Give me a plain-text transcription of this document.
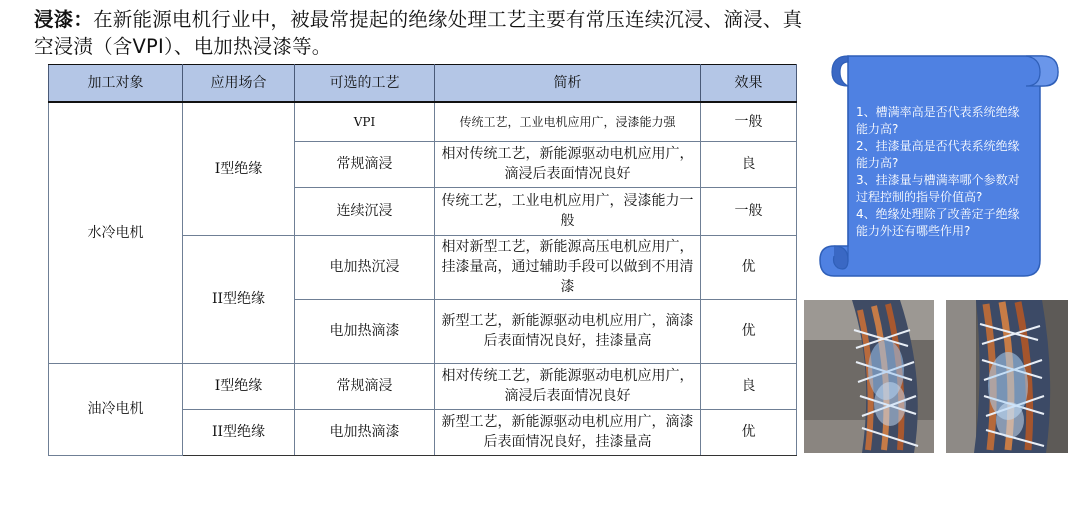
浸漆：在新能源电机行业中，被最常提起的绝缘处理工艺主要有常压连续沉浸、滴浸、真空浸渍（含VPI）、电加热浸漆等。
加工对象	应用场合	可选的工艺	简析	效果
水冷电机	I型绝缘	VPI	传统工艺，工业电机应用广，浸漆能力强	一般
		常规滴浸	相对传统工艺，新能源驱动电机应用广，滴浸后表面情况良好	良
		连续沉浸	传统工艺，工业电机应用广，浸漆能力一般	一般
	II型绝缘	电加热沉浸	相对新型工艺，新能源高压电机应用广，挂漆量高，通过辅助手段可以做到不用清漆	优
		电加热滴漆	新型工艺，新能源驱动电机应用广，滴漆后表面情况良好，挂漆量高	优
油冷电机	I型绝缘	常规滴浸	相对传统工艺，新能源驱动电机应用广，滴浸后表面情况良好	良
	II型绝缘	电加热滴漆	新型工艺，新能源驱动电机应用广，滴漆后表面情况良好，挂漆量高	优
1、槽满率高是否代表系统绝缘能力高?
2、挂漆量高是否代表系统绝缘能力高?
3、挂漆量与槽满率哪个参数对过程控制的指导价值高?
4、绝缘处理除了改善定子绝缘能力外还有哪些作用?
